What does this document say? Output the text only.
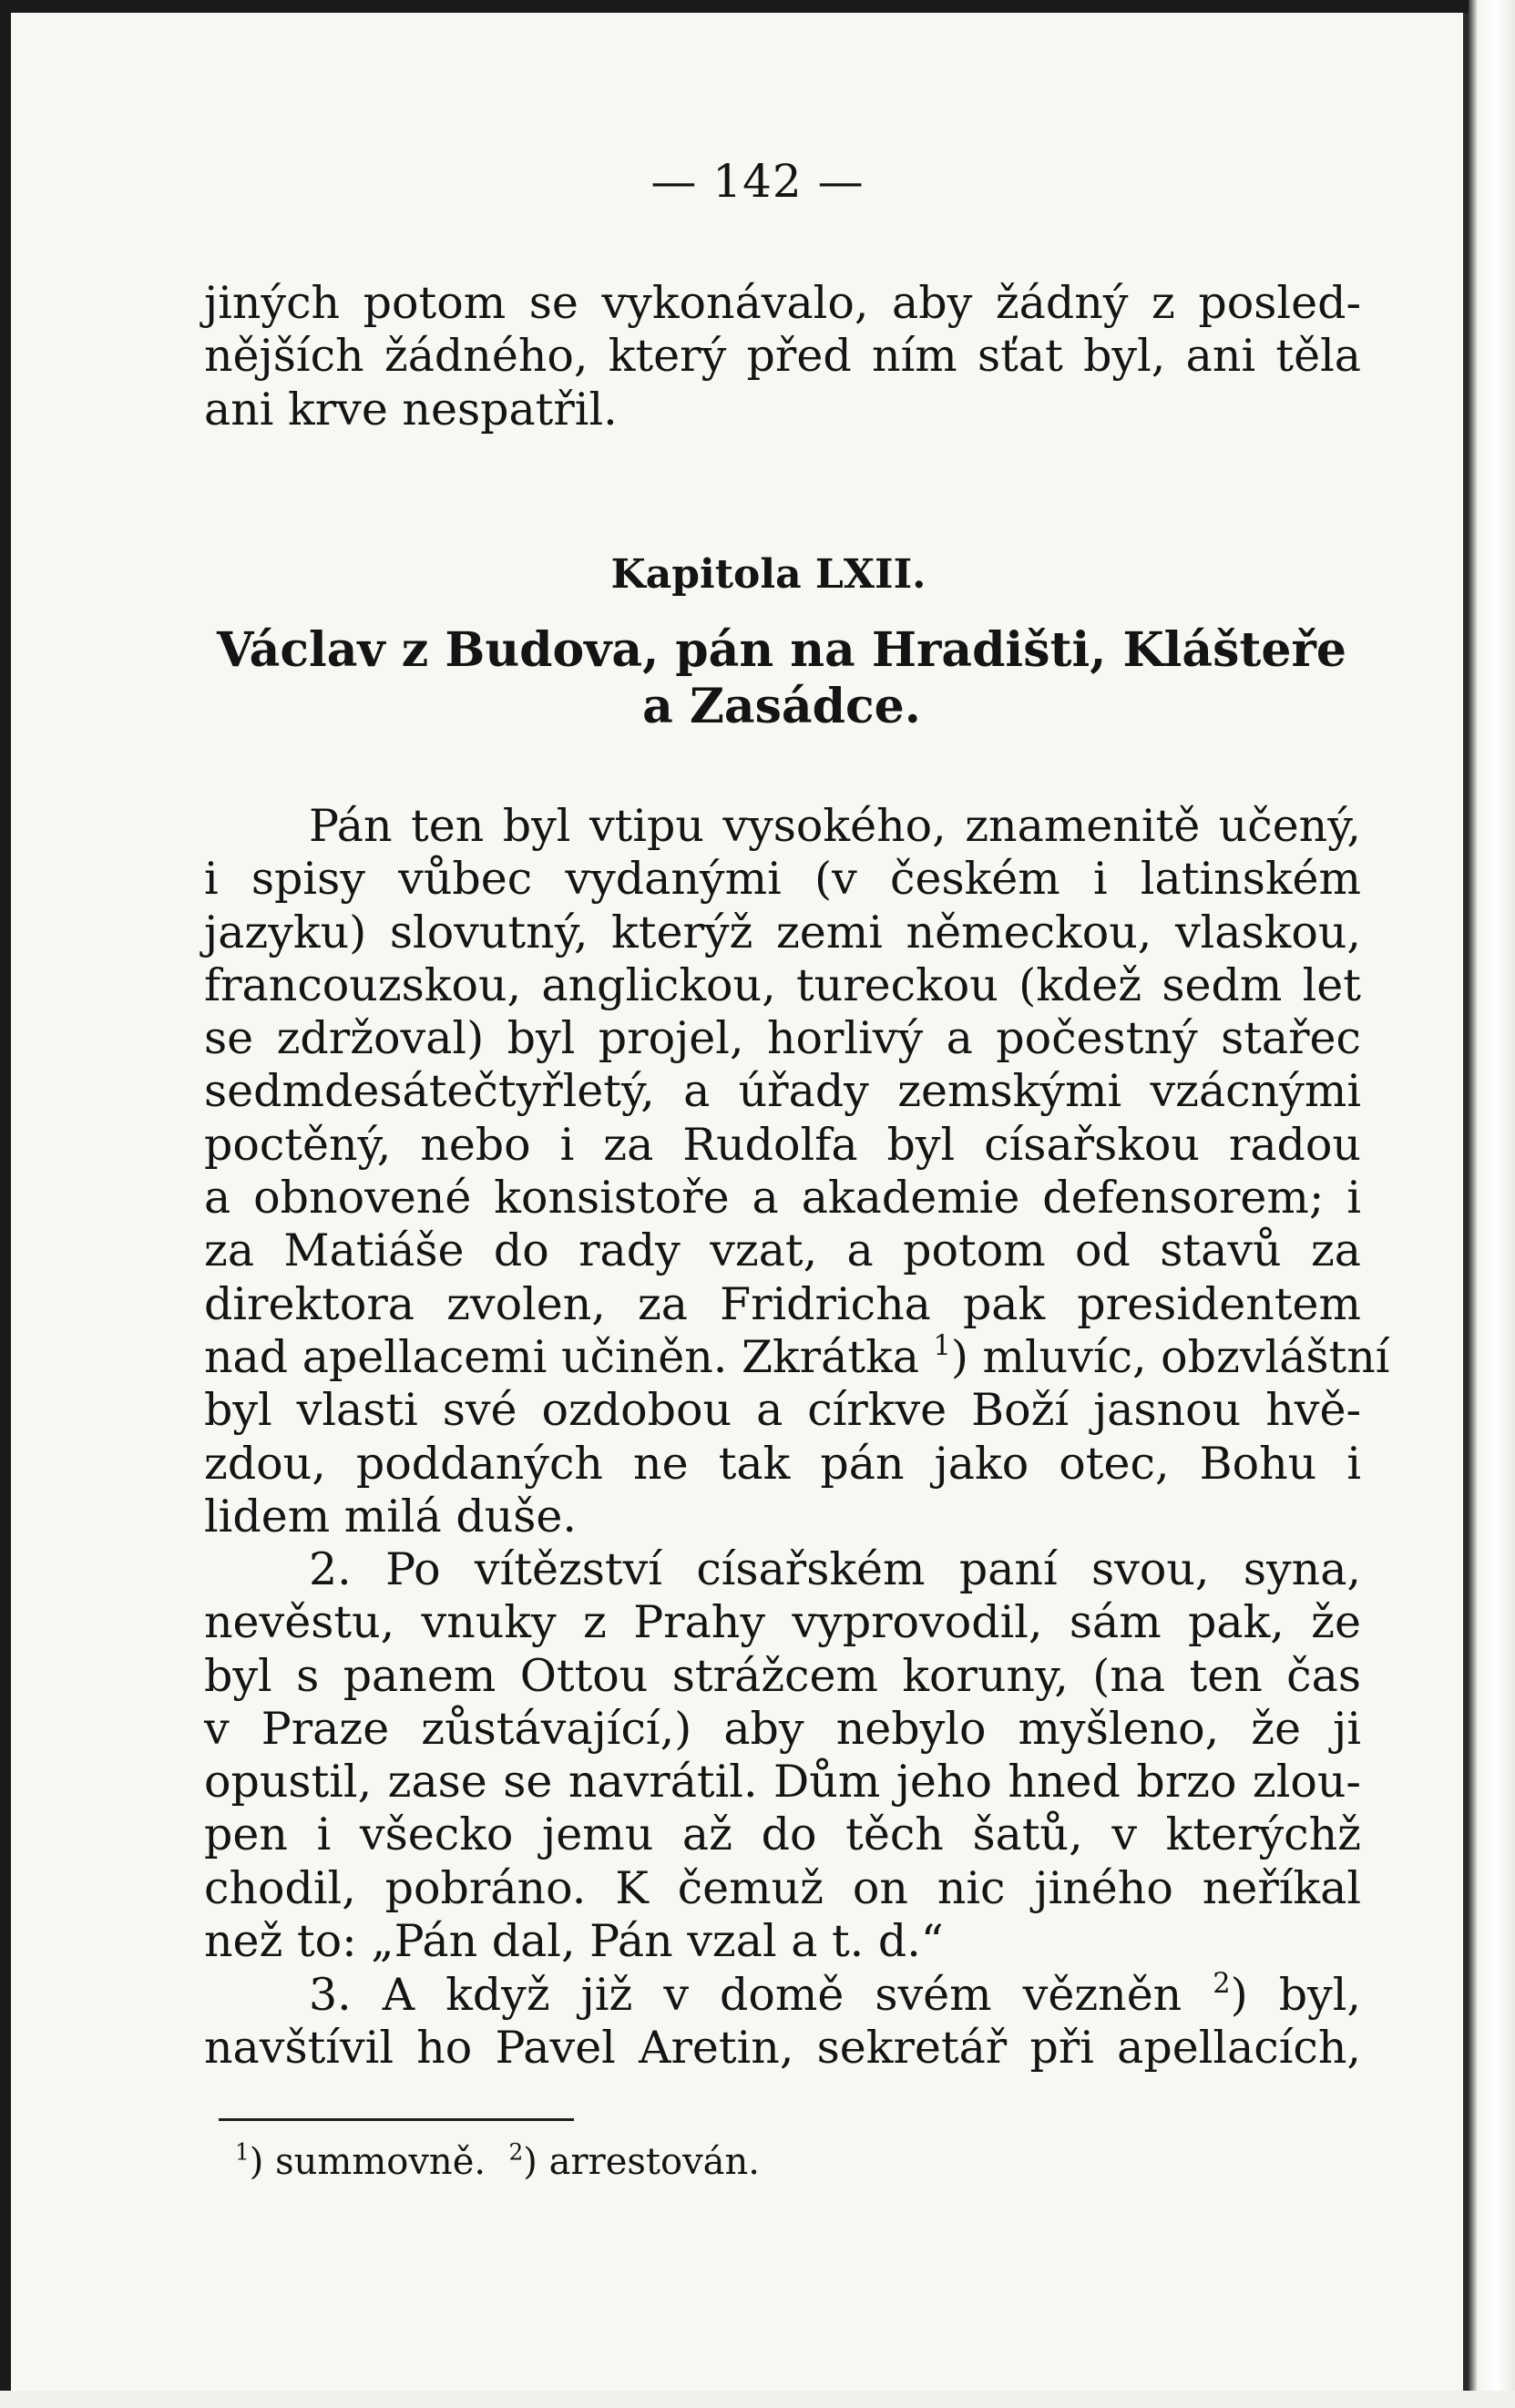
— 142 —
jiných potom se vykonávalo, aby žádný z posled-
nějších žádného, který před ním sťat byl, ani těla
ani krve nespatřil.
Kapitola LXII.
Václav z Budova, pán na Hradišti, Klášteře
a Zasádce.
Pán ten byl vtipu vysokého, znamenitě učený,
i spisy vůbec vydanými (v českém i latinském
jazyku) slovutný, kterýž zemi německou, vlaskou,
francouzskou, anglickou, tureckou (kdež sedm let
se zdržoval) byl projel, horlivý a počestný stařec
sedmdesátečtyřletý, a úřady zemskými vzácnými
poctěný, nebo i za Rudolfa byl císařskou radou
a obnovené konsistoře a akademie defensorem; i
za Matiáše do rady vzat, a potom od stavů za
direktora zvolen, za Fridricha pak presidentem
nad apellacemi učiněn. Zkrátka $^1$) mluvíc, obzvláštní
byl vlasti své ozdobou a církve Boží jasnou hvě-
zdou, poddaných ne tak pán jako otec, Bohu i
lidem milá duše.
2. Po vítězství císařském paní svou, syna,
nevěstu, vnuky z Prahy vyprovodil, sám pak, že
byl s panem Ottou strážcem koruny, (na ten čas
v Praze zůstávající,) aby nebylo myšleno, že ji
opustil, zase se navrátil. Dům jeho hned brzo zlou-
pen i všecko jemu až do těch šatů, v kterýchž
chodil, pobráno. K čemuž on nic jiného neříkal
než to: „Pán dal, Pán vzal a t. d.“
3. A když již v domě svém vězněn $^2$) byl,
navštívil ho Pavel Aretin, sekretář při apellacích,
$^1$) summovně. $^2$) arrestován.
